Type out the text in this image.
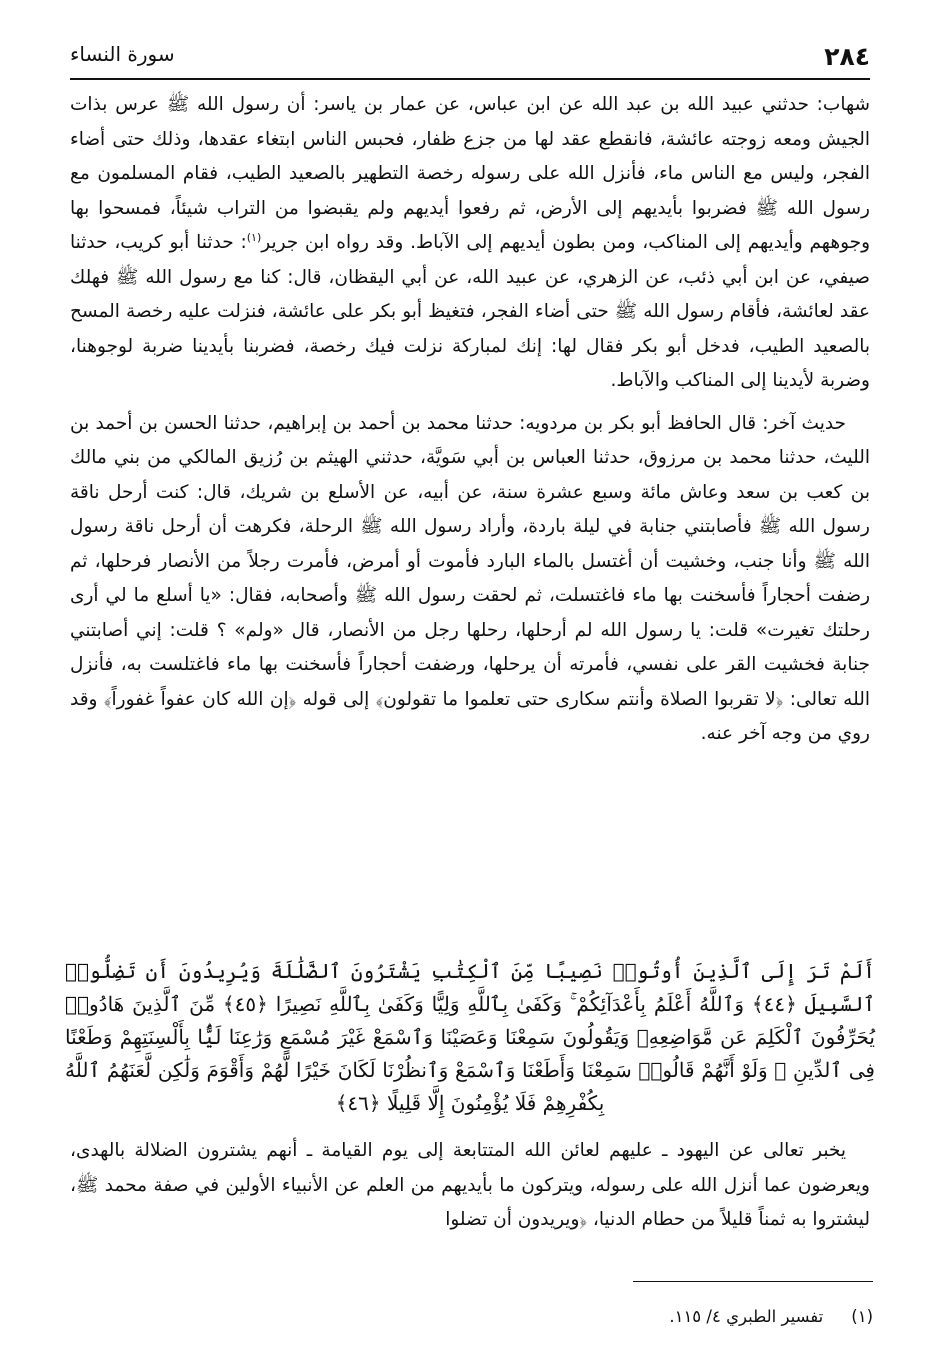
٢٨٤
سورة النساء

شهاب: حدثني عبيد الله بن عبد الله عن ابن عباس، عن عمار بن ياسر: أن رسول الله ﷺ عرس بذات الجيش ومعه زوجته عائشة، فانقطع عقد لها من جزع ظفار، فحبس الناس ابتغاء عقدها، وذلك حتى أضاء الفجر، وليس مع الناس ماء، فأنزل الله على رسوله رخصة التطهير بالصعيد الطيب، فقام المسلمون مع رسول الله ﷺ فضربوا بأيديهم إلى الأرض، ثم رفعوا أيديهم ولم يقبضوا من التراب شيئاً، فمسحوا بها وجوههم وأيديهم إلى المناكب، ومن بطون أيديهم إلى الآباط. وقد رواه ابن جرير$^{(١)}$: حدثنا أبو كريب، حدثنا صيفي، عن ابن أبي ذئب، عن الزهري، عن عبيد الله، عن أبي اليقظان، قال: كنا مع رسول الله ﷺ فهلك عقد لعائشة، فأقام رسول الله ﷺ حتى أضاء الفجر، فتغيظ أبو بكر على عائشة، فنزلت عليه رخصة المسح بالصعيد الطيب، فدخل أبو بكر فقال لها: إنك لمباركة نزلت فيك رخصة، فضربنا بأيدينا ضربة لوجوهنا، وضربة لأيدينا إلى المناكب والآباط.

حديث آخر: قال الحافظ أبو بكر بن مردويه: حدثنا محمد بن أحمد بن إبراهيم، حدثنا الحسن بن أحمد بن الليث، حدثنا محمد بن مرزوق، حدثنا العباس بن أبي سَويَّة، حدثني الهيثم بن رُزيق المالكي من بني مالك بن كعب بن سعد وعاش مائة وسبع عشرة سنة، عن أبيه، عن الأسلع بن شريك، قال: كنت أرحل ناقة رسول الله ﷺ فأصابتني جنابة في ليلة باردة، وأراد رسول الله ﷺ الرحلة، فكرهت أن أرحل ناقة رسول الله ﷺ وأنا جنب، وخشيت أن أغتسل بالماء البارد فأموت أو أمرض، فأمرت رجلاً من الأنصار فرحلها، ثم رضفت أحجاراً فأسخنت بها ماء فاغتسلت، ثم لحقت رسول الله ﷺ وأصحابه، فقال: «يا أسلع ما لي أرى رحلتك تغيرت» قلت: يا رسول الله لم أرحلها، رحلها رجل من الأنصار، قال «ولم» ؟ قلت: إني أصابتني جنابة فخشيت القر على نفسي، فأمرته أن يرحلها، ورضفت أحجاراً فأسخنت بها ماء فاغتلست به، فأنزل الله تعالى: ﴿لا تقربوا الصلاة وأنتم سكارى حتى تعلموا ما تقولون﴾ إلى قوله ﴿إن الله كان عفواً غفوراً﴾ وقد روي من وجه آخر عنه.

أَلَمْ تَرَ إِلَى ٱلَّذِينَ أُوتُوا۟ نَصِيبًا مِّنَ ٱلْكِتَٰبِ يَشْتَرُونَ ٱلضَّلَٰلَةَ وَيُرِيدُونَ أَن تَضِلُّوا۟ ٱلسَّبِيلَ ﴿٤٤﴾ وَٱللَّهُ أَعْلَمُ بِأَعْدَآئِكُمْ ۚ وَكَفَىٰ بِٱللَّهِ وَلِيًّا وَكَفَىٰ بِٱللَّهِ نَصِيرًا ﴿٤٥﴾ مِّنَ ٱلَّذِينَ هَادُوا۟ يُحَرِّفُونَ ٱلْكَلِمَ عَن مَّوَاضِعِهِۦ وَيَقُولُونَ سَمِعْنَا وَعَصَيْنَا وَٱسْمَعْ غَيْرَ مُسْمَعٍ وَرَٰعِنَا لَيًّۢا بِأَلْسِنَتِهِمْ وَطَعْنًا فِى ٱلدِّينِ ۚ وَلَوْ أَنَّهُمْ قَالُوا۟ سَمِعْنَا وَأَطَعْنَا وَٱسْمَعْ وَٱنظُرْنَا لَكَانَ خَيْرًا لَّهُمْ وَأَقْوَمَ وَلَٰكِن لَّعَنَهُمُ ٱللَّهُ بِكُفْرِهِمْ فَلَا يُؤْمِنُونَ إِلَّا قَلِيلًا ﴿٤٦﴾
يخبر تعالى عن اليهود ـ عليهم لعائن الله المتتابعة إلى يوم القيامة ـ أنهم يشترون الضلالة بالهدى، ويعرضون عما أنزل الله على رسوله، ويتركون ما بأيديهم من العلم عن الأنبياء الأولين في صفة محمد ﷺ، ليشتروا به ثمناً قليلاً من حطام الدنيا، ﴿ويريدون أن تضلوا
(١)تفسير الطبري ٤/ ١١٥.
